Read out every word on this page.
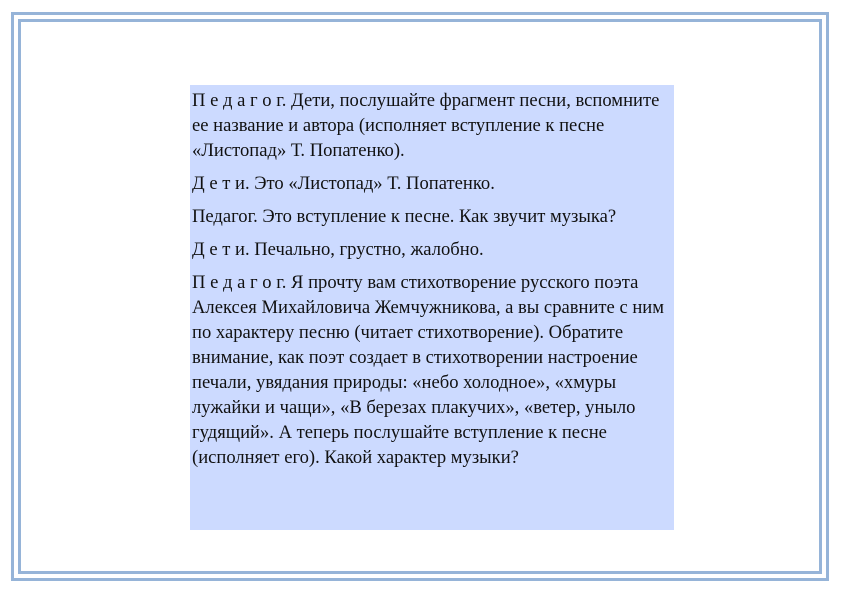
П е д а г о г. Дети, послушайте фрагмент песни, вспомните ее название и автора (исполняет вступление к песне «Листопад» Т. Попатенко).

Д е т и. Это «Листопад» Т. Попатенко.

Педагог. Это вступление к песне. Как звучит музыка?

Д е т и. Печально, грустно, жалобно.

П е д а г о г. Я прочту вам стихотворение русского поэта Алексея Михайловича Жемчужникова, а вы сравните с ним по характеру песню (читает стихотворение). Обратите внимание, как поэт создает в стихотворении настроение печали, увядания природы: «небо холодное», «хмуры лужайки и чащи», «В березах плакучих», «ветер, уныло гудящий». А теперь послушайте вступление к песне (исполняет его). Какой характер музыки?
